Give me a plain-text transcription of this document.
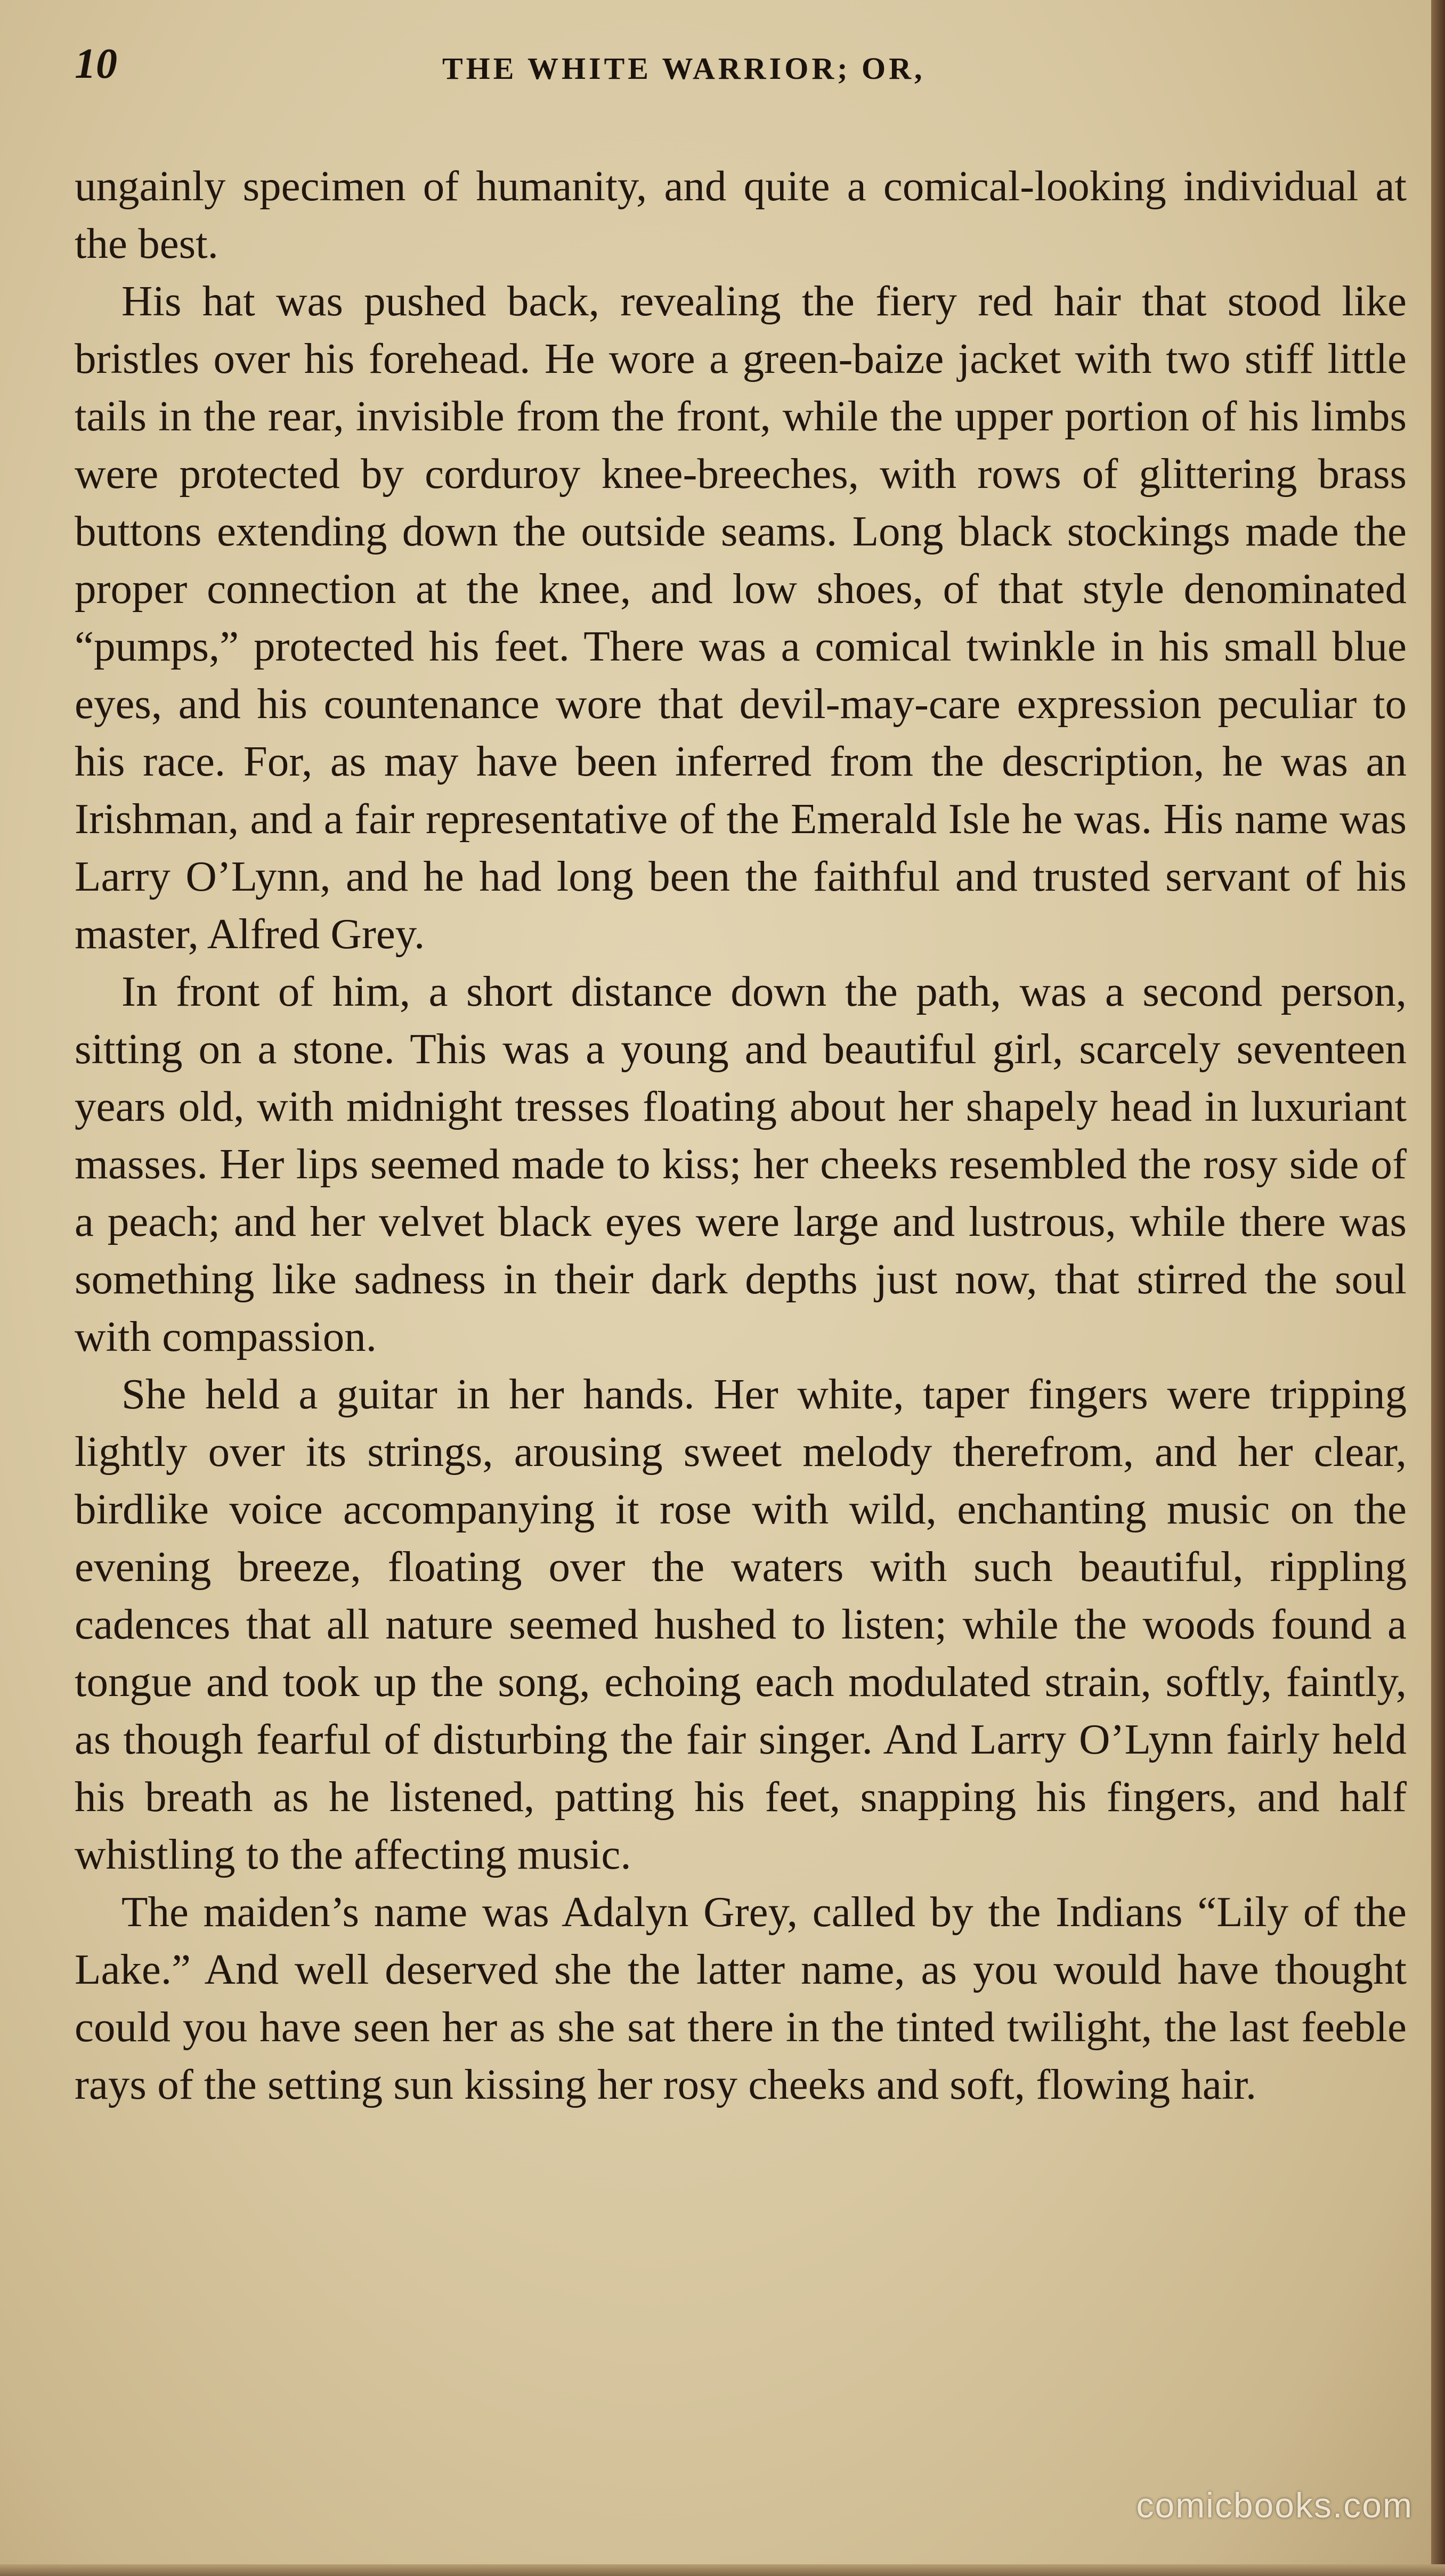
10	THE WHITE WARRIOR; OR,

ungainly specimen of humanity, and quite a comical-looking individual at the best.

His hat was pushed back, revealing the fiery red hair that stood like bristles over his forehead. He wore a green-baize jacket with two stiff little tails in the rear, invisible from the front, while the upper portion of his limbs were protected by corduroy knee-breeches, with rows of glittering brass buttons extending down the outside seams. Long black stockings made the proper connection at the knee, and low shoes, of that style denominated “pumps,” protected his feet. There was a comical twinkle in his small blue eyes, and his countenance wore that devil-may-care expression peculiar to his race. For, as may have been inferred from the description, he was an Irishman, and a fair representative of the Emerald Isle he was. His name was Larry O’Lynn, and he had long been the faithful and trusted servant of his master, Alfred Grey.

In front of him, a short distance down the path, was a second person, sitting on a stone. This was a young and beautiful girl, scarcely seventeen years old, with midnight tresses floating about her shapely head in luxuriant masses. Her lips seemed made to kiss; her cheeks resembled the rosy side of a peach; and her velvet black eyes were large and lustrous, while there was something like sadness in their dark depths just now, that stirred the soul with compassion.

She held a guitar in her hands. Her white, taper fingers were tripping lightly over its strings, arousing sweet melody therefrom, and her clear, birdlike voice accompanying it rose with wild, enchanting music on the evening breeze, floating over the waters with such beautiful, rippling cadences that all nature seemed hushed to listen; while the woods found a tongue and took up the song, echoing each modulated strain, softly, faintly, as though fearful of disturbing the fair singer. And Larry O’Lynn fairly held his breath as he listened, patting his feet, snapping his fingers, and half whistling to the affecting music.

The maiden’s name was Adalyn Grey, called by the Indians “Lily of the Lake.” And well deserved she the latter name, as you would have thought could you have seen her as she sat there in the tinted twilight, the last feeble rays of the setting sun kissing her rosy cheeks and soft, flowing hair.

comicbooks.com
